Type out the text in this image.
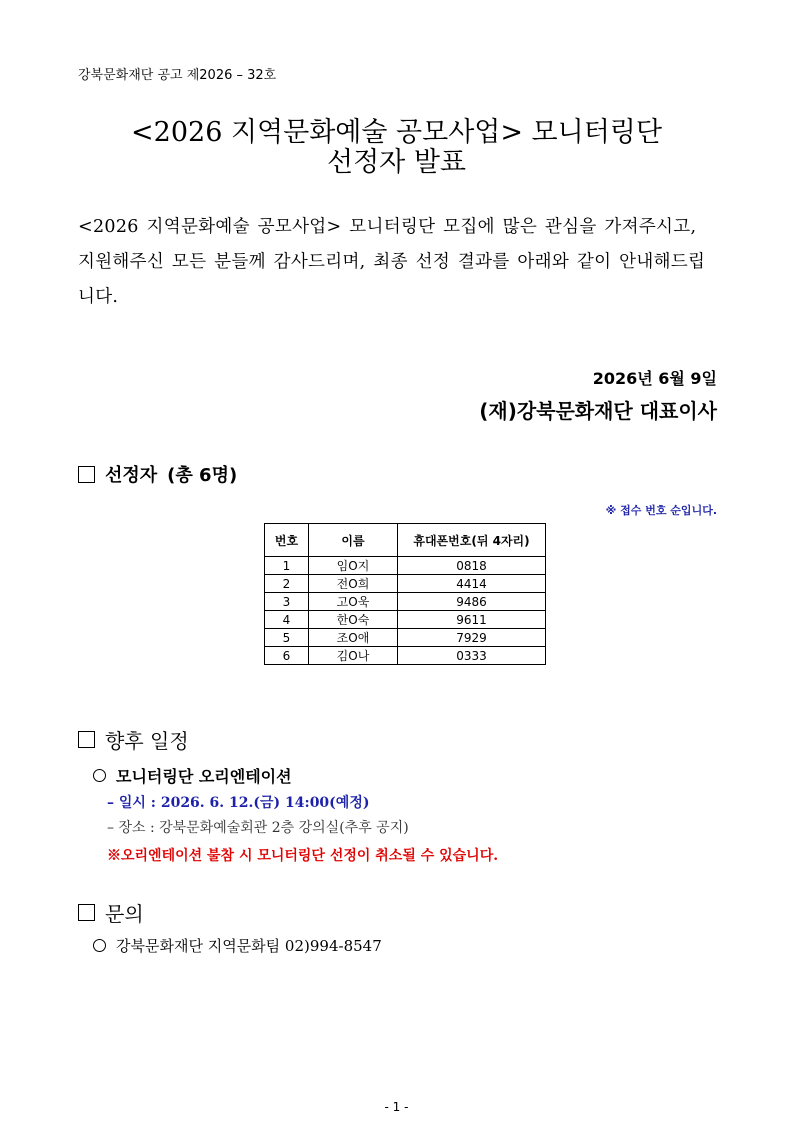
강북문화재단 공고 제2026 – 32호
<2026 지역문화예술 공모사업> 모니터링단
선정자 발표
<2026 지역문화예술 공모사업> 모니터링단 모집에 많은 관심을 가져주시고, 지원해주신 모든 분들께 감사드리며, 최종 선정 결과를 아래와 같이 안내해드립니다.
2026년 6월 9일
(재)강북문화재단 대표이사
선정자 (총 6명)
※ 접수 번호 순입니다.
번호	이름	휴대폰번호(뒤 4자리)
1	임O지	0818
2	전O희	4414
3	고O욱	9486
4	한O숙	9611
5	조O애	7929
6	김O나	0333
향후 일정
모니터링단 오리엔테이션
– 일시 : 2026. 6. 12.(금) 14:00(예정)
– 장소 : 강북문화예술회관 2층 강의실(추후 공지)
※오리엔테이션 불참 시 모니터링단 선정이 취소될 수 있습니다.
문의
강북문화재단 지역문화팀 02)994-8547
- 1 -
